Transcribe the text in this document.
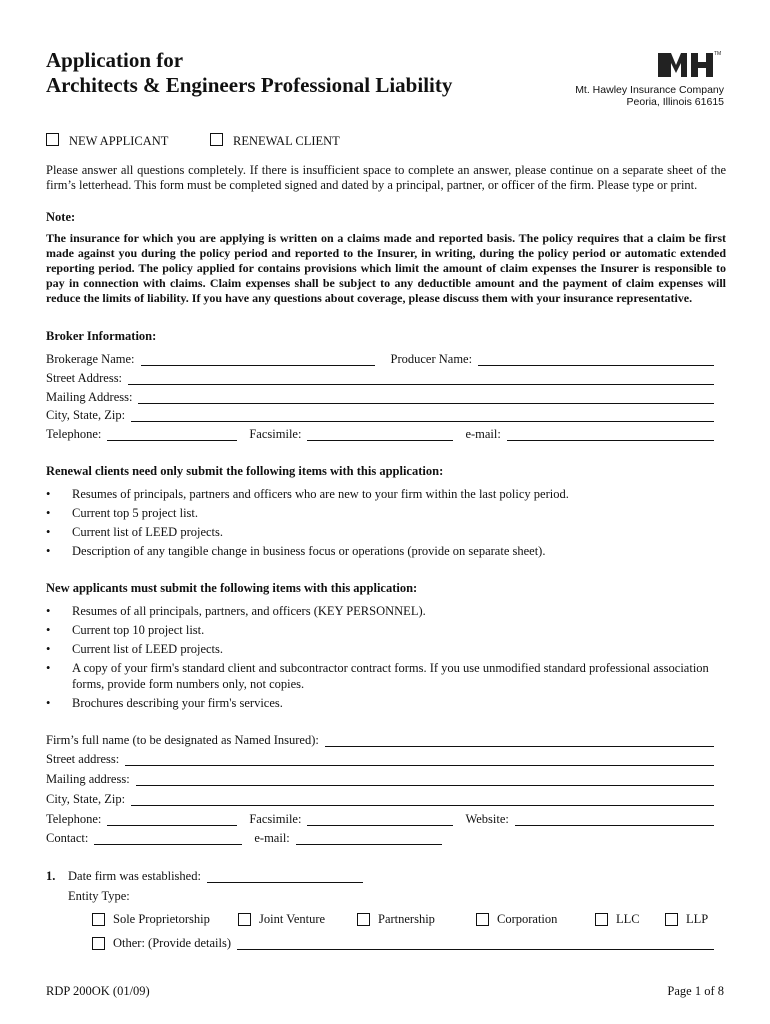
Application for
Architects & Engineers Professional Liability
TM
Mt. Hawley Insurance Company
Peoria, Illinois 61615
NEW APPLICANT	RENEWAL CLIENT
Please answer all questions completely. If there is insufficient space to complete an answer, please continue on a separate sheet of the firm’s letterhead. This form must be completed signed and dated by a principal, partner, or officer of the firm. Please type or print.
Note:
The insurance for which you are applying is written on a claims made and reported basis. The policy requires that a claim be first made against you during the policy period and reported to the Insurer, in writing, during the policy period or automatic extended reporting period. The policy applied for contains provisions which limit the amount of claim expenses the Insurer is responsible to pay in connection with claims. Claim expenses shall be subject to any deductible amount and the payment of claim expenses will reduce the limits of liability. If you have any questions about coverage, please discuss them with your insurance representative.
Broker Information:
Brokerage Name:	Producer Name:
Street Address:
Mailing Address:
City, State, Zip:
Telephone:	Facsimile:	e-mail:
Renewal clients need only submit the following items with this application:
• Resumes of principals, partners and officers who are new to your firm within the last policy period.
• Current top 5 project list.
• Current list of LEED projects.
• Description of any tangible change in business focus or operations (provide on separate sheet).
New applicants must submit the following items with this application:
• Resumes of all principals, partners, and officers (KEY PERSONNEL).
• Current top 10 project list.
• Current list of LEED projects.
• A copy of your firm's standard client and subcontractor contract forms. If you use unmodified standard professional association forms, provide form numbers only, not copies.
• Brochures describing your firm's services.
Firm’s full name (to be designated as Named Insured):
Street address:
Mailing address:
City, State, Zip:
Telephone:	Facsimile:	Website:
Contact:	e-mail:
1.	Date firm was established:
Entity Type:
Sole Proprietorship	Joint Venture	Partnership	Corporation	LLC	LLP
Other: (Provide details)
RDP 200OK (01/09)	Page 1 of 8
